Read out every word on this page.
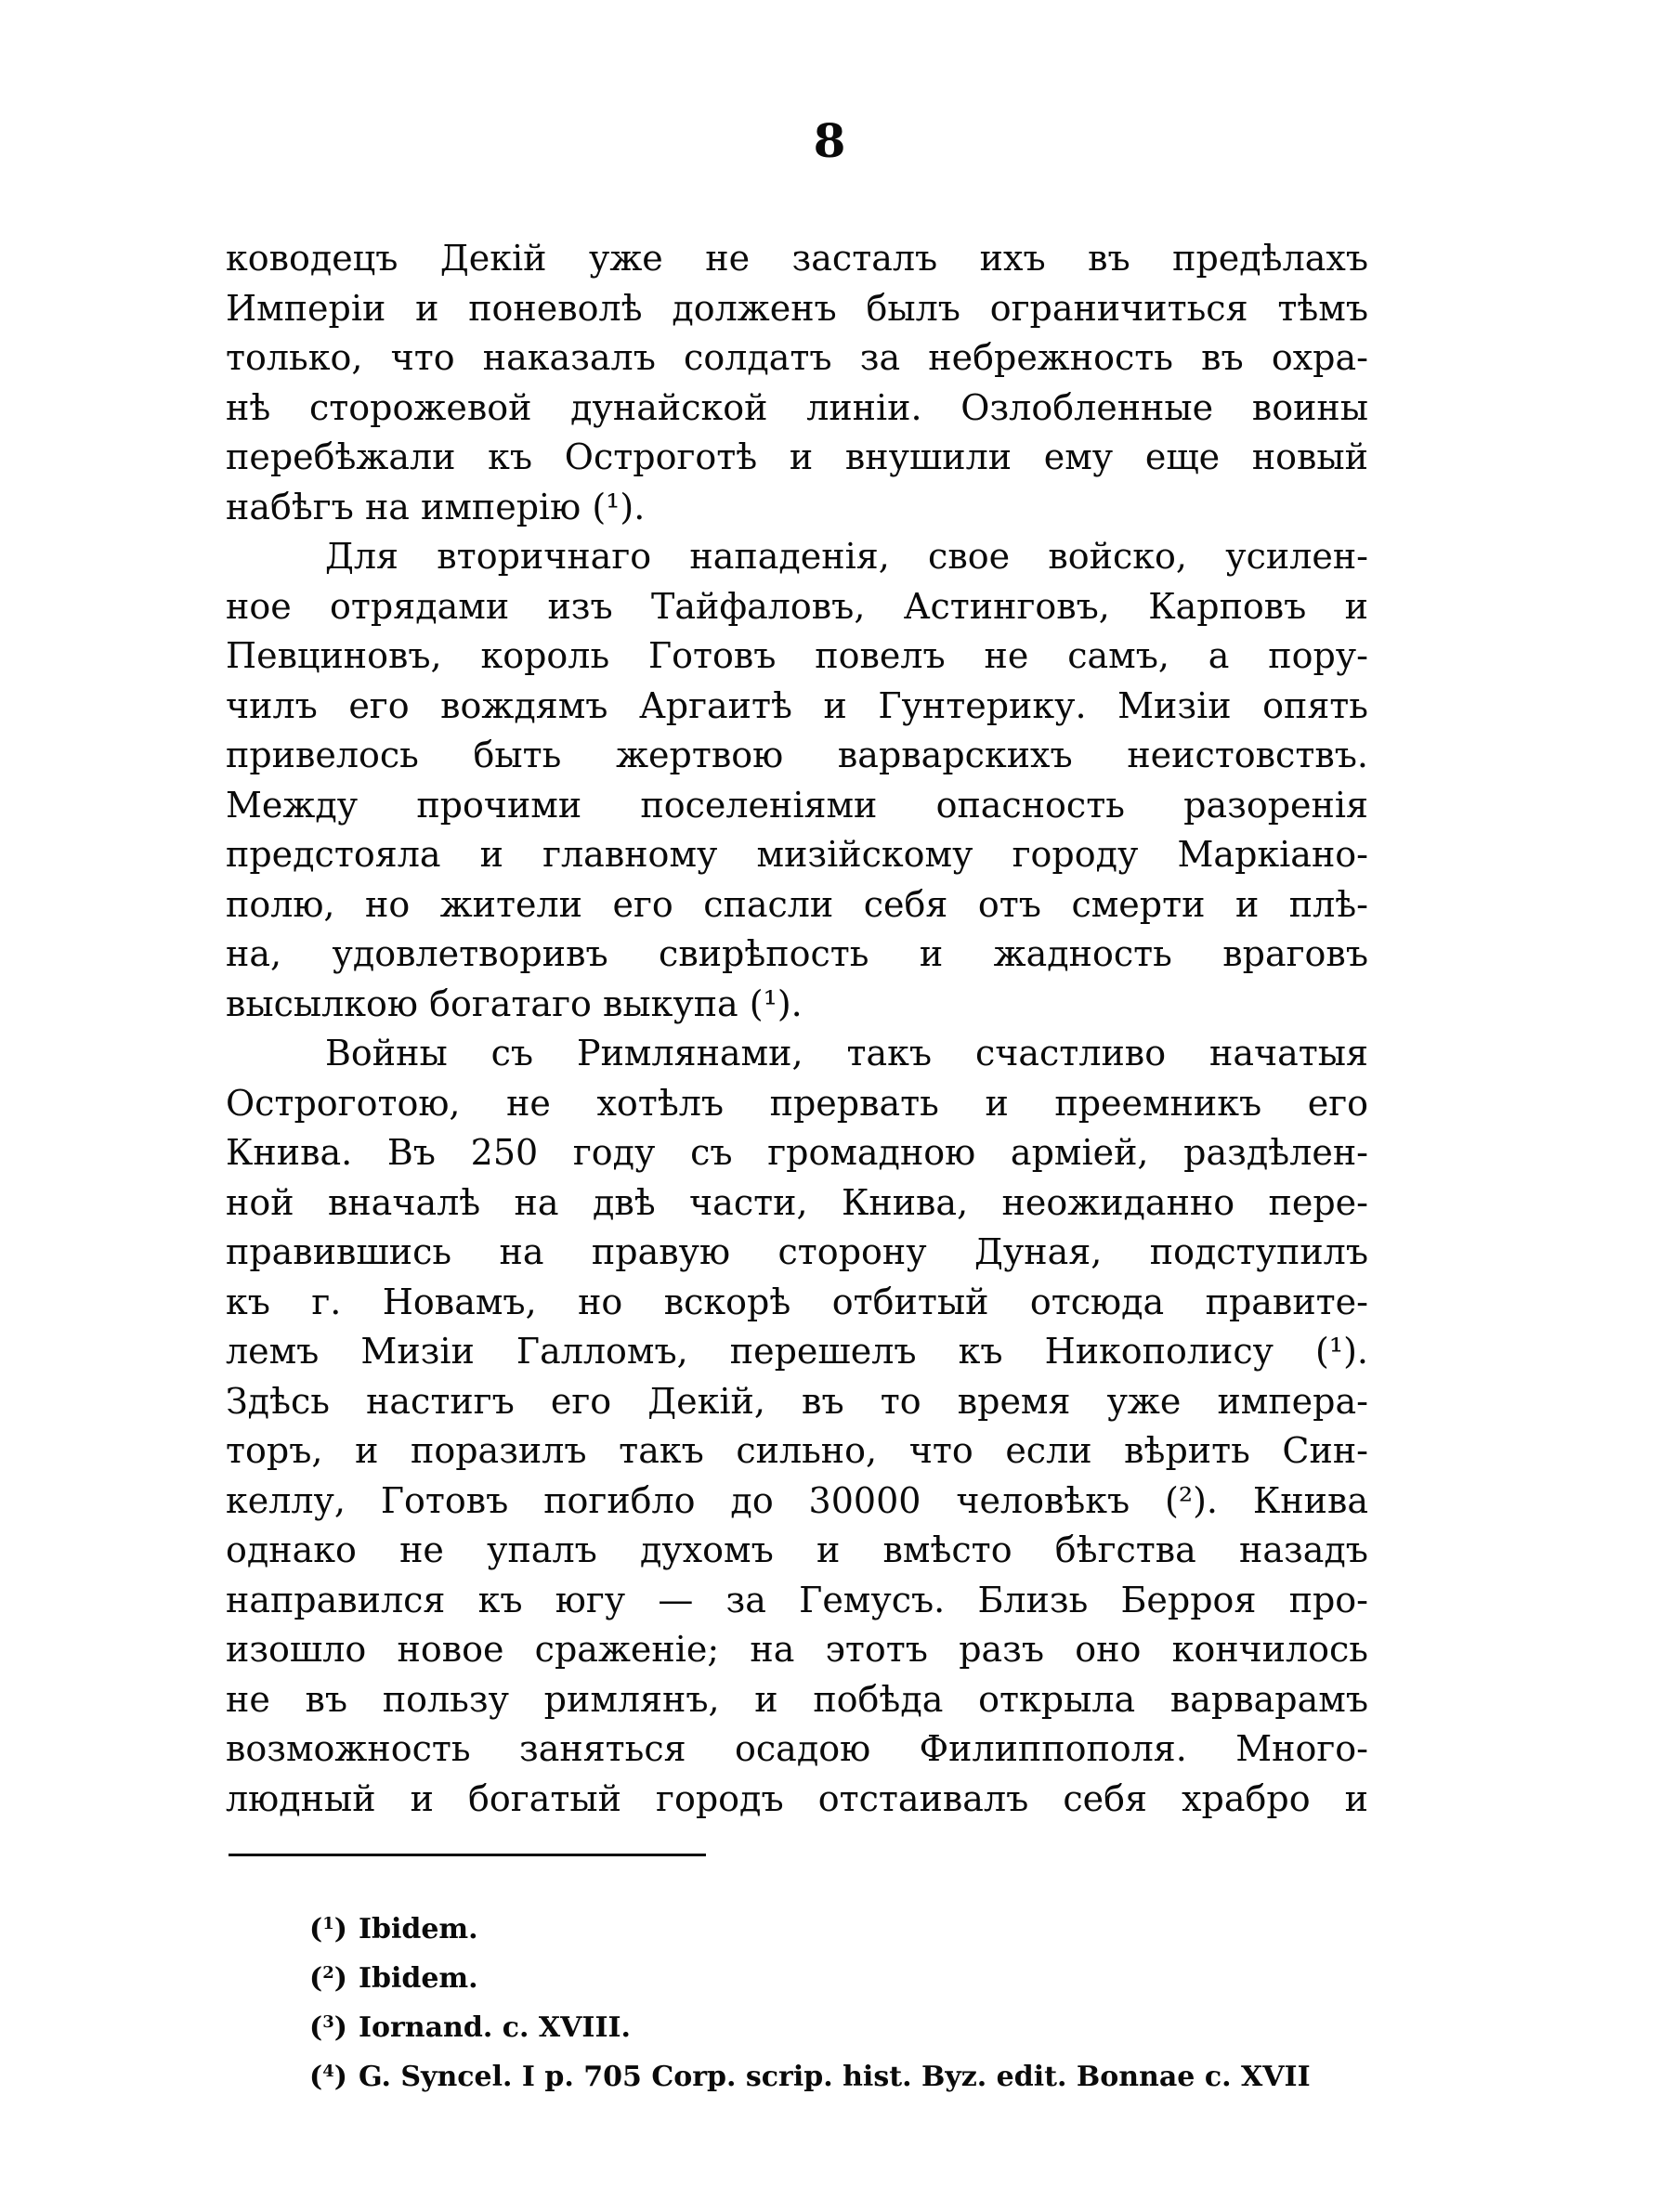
8
ководецъ Декій уже не засталъ ихъ въ предѣлахъ
Имперіи и поневолѣ долженъ былъ ограничиться тѣмъ
только, что наказалъ солдатъ за небрежность въ охра-
нѣ сторожевой дунайской линіи. Озлобленные воины
перебѣжали къ Остроготѣ и внушили ему еще новый
набѣгъ на имперію (¹).
Для вторичнаго нападенія, свое войско, усилен-
ное отрядами изъ Тайфаловъ, Астинговъ, Карповъ и
Певциновъ, король Готовъ повелъ не самъ, а пору-
чилъ его вождямъ Аргаитѣ и Гунтерику. Мизіи опять
привелось быть жертвою варварскихъ неистовствъ.
Между прочими поселеніями опасность разоренія
предстояла и главному мизійскому городу Маркіано-
полю, но жители его спасли себя отъ смерти и плѣ-
на, удовлетворивъ свирѣпость и жадность враговъ
высылкою богатаго выкупа (¹).
Войны съ Римлянами, такъ счастливо начатыя
Остроготою, не хотѣлъ прервать и преемникъ его
Книва. Въ 250 году съ громадною арміей, раздѣлен-
ной вначалѣ на двѣ части, Книва, неожиданно пере-
правившись на правую сторону Дуная, подступилъ
къ г. Новамъ, но вскорѣ отбитый отсюда правите-
лемъ Мизіи Галломъ, перешелъ къ Никополису (¹).
Здѣсь настигъ его Декій, въ то время уже импера-
торъ, и поразилъ такъ сильно, что если вѣрить Син-
келлу, Готовъ погибло до 30000 человѣкъ (²). Книва
однако не упалъ духомъ и вмѣсто бѣгства назадъ
направился къ югу — за Гемусъ. Близь Берроя про-
изошло новое сраженіе; на этотъ разъ оно кончилось
не въ пользу римлянъ, и побѣда открыла варварамъ
возможность заняться осадою Филиппополя. Много-
людный и богатый городъ отстаивалъ себя храбро и
($^1$) Ibidem.
($^2$) Ibidem.
($^3$) Iornand. c. XVIII.
($^4$) G. Syncel. I p. 705 Corp. scrip. hist. Byz. edit. Bonnae c. XVII
